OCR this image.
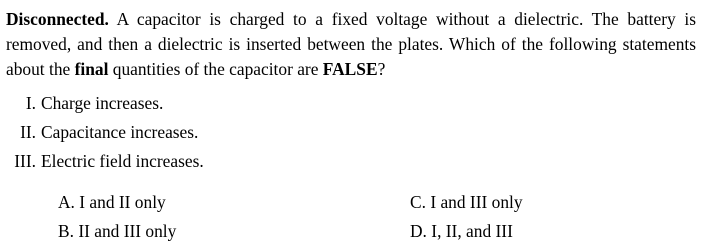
Disconnected. A capacitor is charged to a fixed voltage without a dielectric. The battery is removed, and then a dielectric is inserted between the plates. Which of the following statements about the final quantities of the capacitor are FALSE?
I. Charge increases.
II. Capacitance increases.
III. Electric field increases.
A. I and II only	C. I and III only
B. II and III only	D. I, II, and III
